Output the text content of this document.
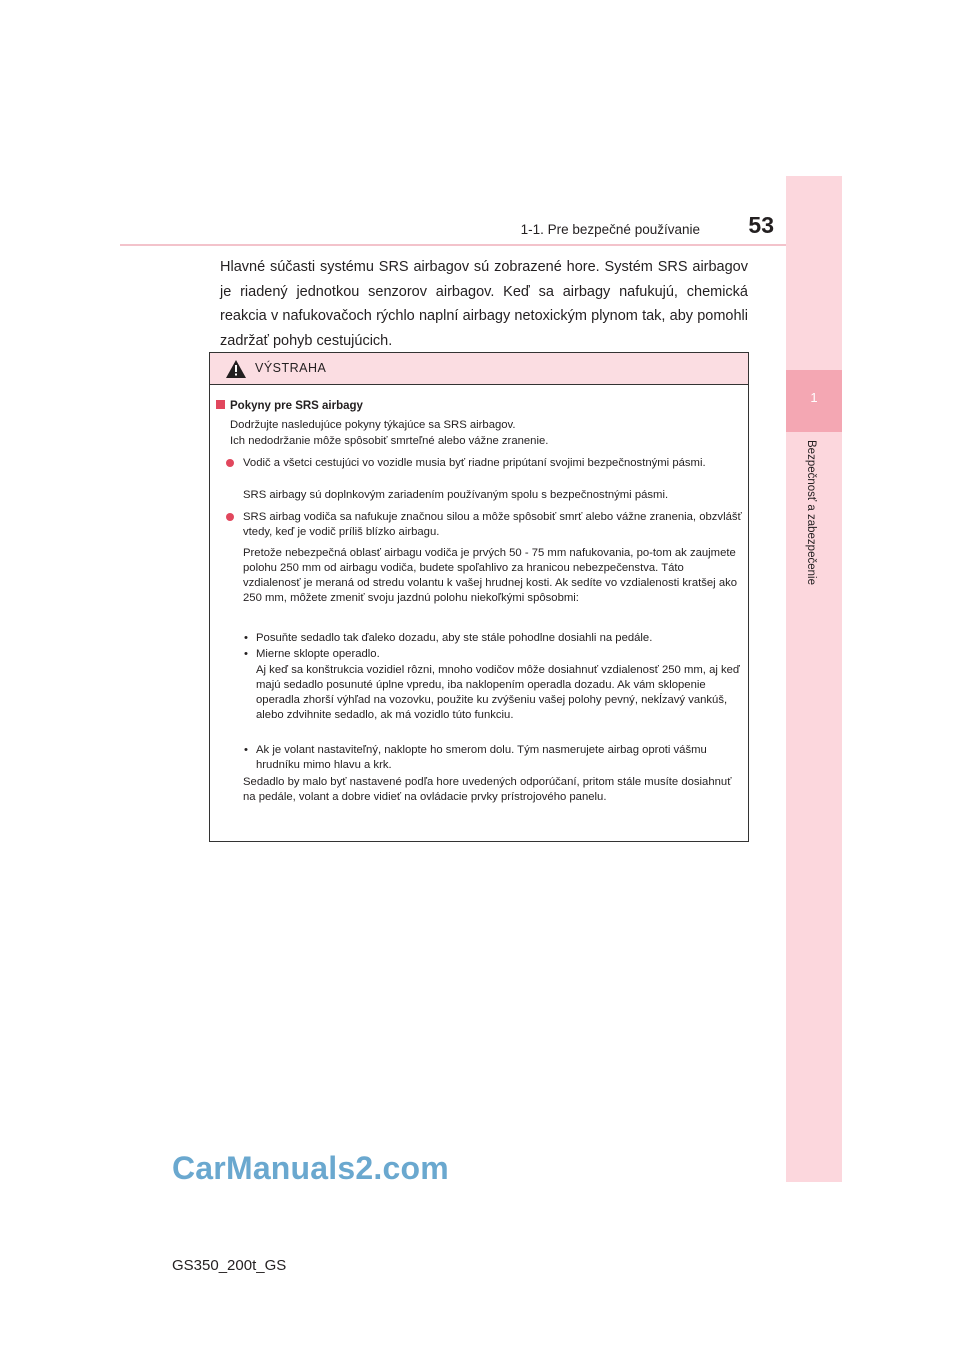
1-1. Pre bezpečné používanie 53
1
Bezpečnosť a zabezpečenie
Hlavné súčasti systému SRS airbagov sú zobrazené hore. Systém SRS airbagov je riadený jednotkou senzorov airbagov. Keď sa airbagy nafukujú, chemická reakcia v nafukovačoch rýchlo naplní airbagy netoxickým plynom tak, aby pomohli zadržať pohyb cestujúcich.
VÝSTRAHA
Pokyny pre SRS airbagy
Dodržujte nasledujúce pokyny týkajúce sa SRS airbagov.
Ich nedodržanie môže spôsobiť smrteľné alebo vážne zranenie.
Vodič a všetci cestujúci vo vozidle musia byť riadne pripútaní svojimi bezpečnostnými pásmi.
SRS airbagy sú doplnkovým zariadením používaným spolu s bezpečnostnými pásmi.
SRS airbag vodiča sa nafukuje značnou silou a môže spôsobiť smrť alebo vážne zranenia, obzvlášť vtedy, keď je vodič príliš blízko airbagu.
Pretože nebezpečná oblasť airbagu vodiča je prvých 50 - 75 mm nafukovania, po-tom ak zaujmete polohu 250 mm od airbagu vodiča, budete spoľahlivo za hranicou nebezpečenstva. Táto vzdialenosť je meraná od stredu volantu k vašej hrudnej kosti. Ak sedíte vo vzdialenosti kratšej ako 250 mm, môžete zmeniť svoju jazdnú polohu niekoľkými spôsobmi:
• Posuňte sedadlo tak ďaleko dozadu, aby ste stále pohodlne dosiahli na pedále.
• Mierne sklopte operadlo.
Aj keď sa konštrukcia vozidiel rôzni, mnoho vodičov môže dosiahnuť vzdialenosť 250 mm, aj keď majú sedadlo posunuté úplne vpredu, iba naklopením operadla dozadu. Ak vám sklopenie operadla zhorší výhľad na vozovku, použite ku zvýšeniu vašej polohy pevný, nekĺzavý vankúš, alebo zdvihnite sedadlo, ak má vozidlo túto funkciu.
• Ak je volant nastaviteľný, naklopte ho smerom dolu. Tým nasmerujete airbag oproti vášmu hrudníku mimo hlavu a krk.
Sedadlo by malo byť nastavené podľa hore uvedených odporúčaní, pritom stále musíte dosiahnuť na pedále, volant a dobre vidieť na ovládacie prvky prístrojového panelu.
CarManuals2.com
GS350_200t_GS
